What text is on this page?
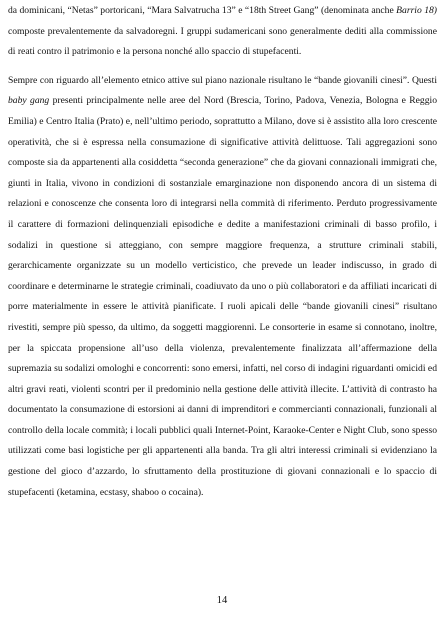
da dominicani, “Netas” portoricani, “Mara Salvatrucha 13” e “18th Street Gang” (denominata anche Barrio 18) composte prevalentemente da salvadoregni. I gruppi sudamericani sono generalmente dediti alla commissione di reati contro il patrimonio e la persona nonché allo spaccio di stupefacenti.

Sempre con riguardo all’elemento etnico attive sul piano nazionale risultano le “bande giovanili cinesi”. Questi baby gang presenti principalmente nelle aree del Nord (Brescia, Torino, Padova, Venezia, Bologna e Reggio Emilia) e Centro Italia (Prato) e, nell’ultimo periodo, soprattutto a Milano, dove si è assistito alla loro crescente operatività, che si è espressa nella consumazione di significative attività delittuose. Tali aggregazioni sono composte sia da appartenenti alla cosiddetta “seconda generazione” che da giovani connazionali immigrati che, giunti in Italia, vivono in condizioni di sostanziale emarginazione non disponendo ancora di un sistema di relazioni e conoscenze che consenta loro di integrarsi nella commità di riferimento. Perduto progressivamente il carattere di formazioni delinquenziali episodiche e dedite a manifestazioni criminali di basso profilo, i sodalizi in questione si atteggiano, con sempre maggiore frequenza, a strutture criminali stabili, gerarchicamente organizzate su un modello verticistico, che prevede un leader indiscusso, in grado di coordinare e determinarne le strategie criminali, coadiuvato da uno o più collaboratori e da affiliati incaricati di porre materialmente in essere le attività pianificate. I ruoli apicali delle “bande giovanili cinesi” risultano rivestiti, sempre più spesso, da ultimo, da soggetti maggiorenni. Le consorterie in esame si connotano, inoltre, per la spiccata propensione all’uso della violenza, prevalentemente finalizzata all’affermazione della supremazia su sodalizi omologhi e concorrenti: sono emersi, infatti, nel corso di indagini riguardanti omicidi ed altri gravi reati, violenti scontri per il predominio nella gestione delle attività illecite. L’attività di contrasto ha documentato la consumazione di estorsioni ai danni di imprenditori e commercianti connazionali, funzionali al controllo della locale commità; i locali pubblici quali Internet-Point, Karaoke-Center e Night Club, sono spesso utilizzati come basi logistiche per gli appartenenti alla banda. Tra gli altri interessi criminali si evidenziano la gestione del gioco d’azzardo, lo sfruttamento della prostituzione di giovani connazionali e lo spaccio di stupefacenti (ketamina, ecstasy, shaboo o cocaina).

14
